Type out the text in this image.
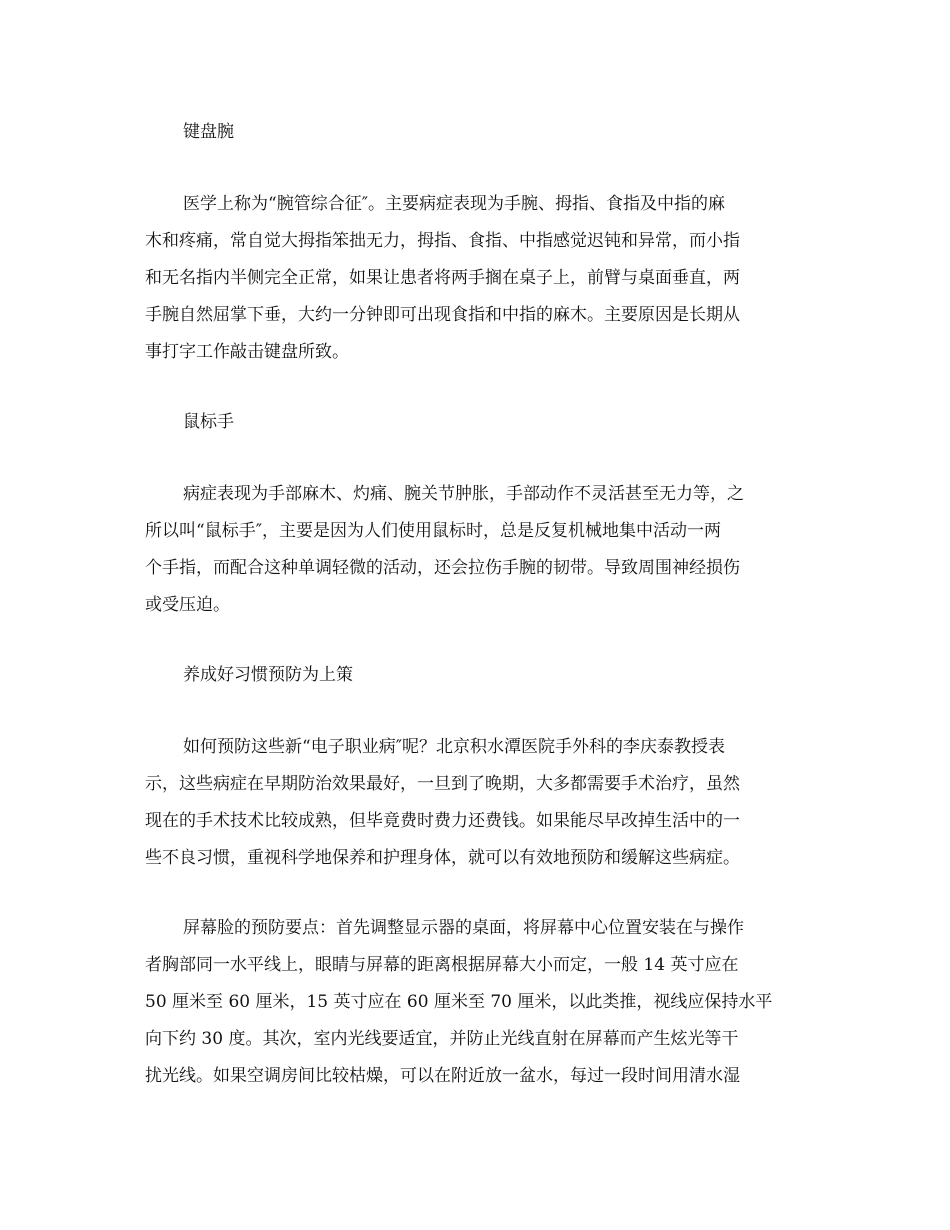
键盘腕

医学上称为“腕管综合征″。主要病症表现为手腕、拇指、食指及中指的麻

木和疼痛，常自觉大拇指笨拙无力，拇指、食指、中指感觉迟钝和异常，而小指

和无名指内半侧完全正常，如果让患者将两手搁在桌子上，前臂与桌面垂直，两

手腕自然屈掌下垂，大约一分钟即可出现食指和中指的麻木。主要原因是长期从

事打字工作敲击键盘所致。

鼠标手

病症表现为手部麻木、灼痛、腕关节肿胀，手部动作不灵活甚至无力等，之

所以叫“鼠标手″，主要是因为人们使用鼠标时，总是反复机械地集中活动一两

个手指，而配合这种单调轻微的活动，还会拉伤手腕的韧带。导致周围神经损伤

或受压迫。

养成好习惯预防为上策

如何预防这些新“电子职业病″呢？北京积水潭医院手外科的李庆泰教授表

示，这些病症在早期防治效果最好，一旦到了晚期，大多都需要手术治疗，虽然

现在的手术技术比较成熟，但毕竟费时费力还费钱。如果能尽早改掉生活中的一

些不良习惯，重视科学地保养和护理身体，就可以有效地预防和缓解这些病症。

屏幕脸的预防要点：首先调整显示器的桌面，将屏幕中心位置安装在与操作

者胸部同一水平线上，眼睛与屏幕的距离根据屏幕大小而定，一般 14 英寸应在

50 厘米至 60 厘米，15 英寸应在 60 厘米至 70 厘米，以此类推，视线应保持水平

向下约 30 度。其次，室内光线要适宜，并防止光线直射在屏幕而产生炫光等干

扰光线。如果空调房间比较枯燥，可以在附近放一盆水，每过一段时间用清水湿
